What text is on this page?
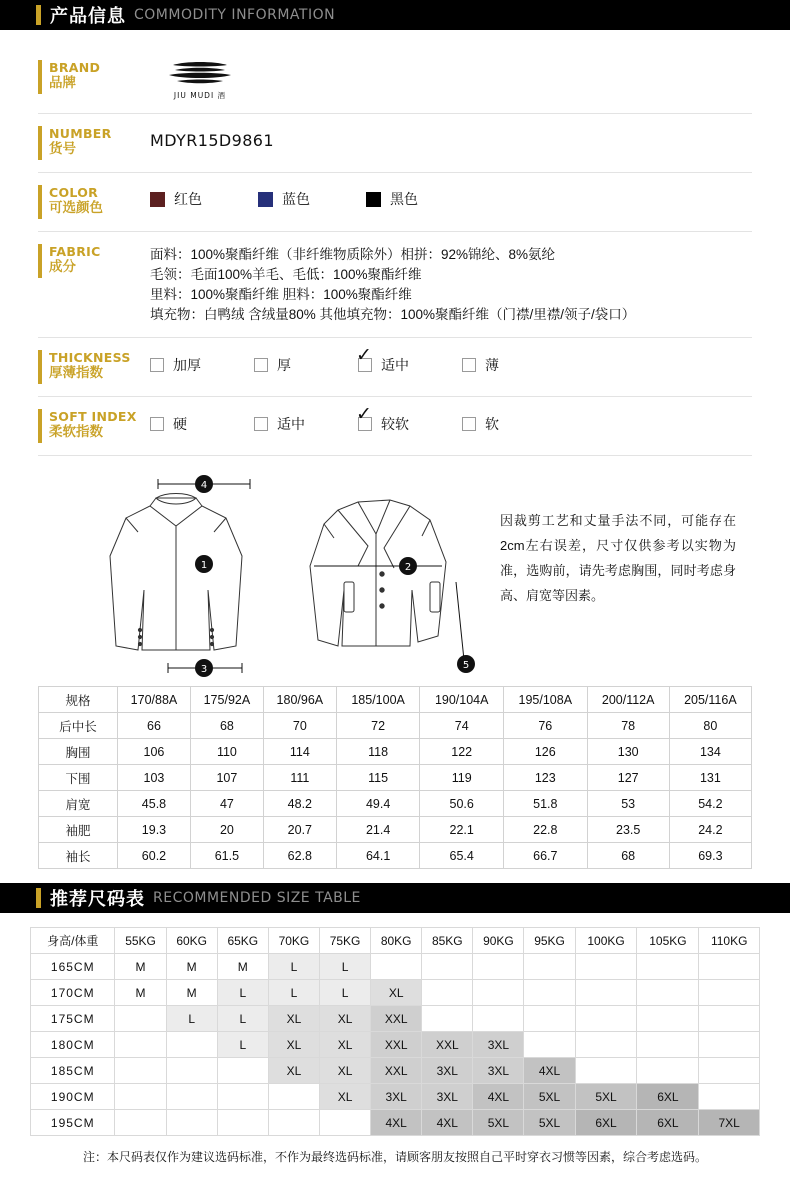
产品信息 COMMODITY INFORMATION
BRAND
品牌
JIU MUDI 酒
NUMBER
货号	MDYR15D9861
COLOR
可选颜色
红色	蓝色	黑色
FABRIC
成分
面料：100%聚酯纤维（非纤维物质除外）相拼：92%锦纶、8%氨纶
毛领：毛面100%羊毛、毛低：100%聚酯纤维
里料：100%聚酯纤维 胆料：100%聚酯纤维
填充物：白鸭绒 含绒量80% 其他填充物：100%聚酯纤维（门襟/里襟/领子/袋口）
THICKNESS
厚薄指数	加厚	厚	✓ 适中	薄
SOFT INDEX
柔软指数	硬	适中	✓ 较软	软
4
1
3
2
5
因裁剪工艺和丈量手法不同，可能存在2cm左右误差，尺寸仅供参考以实物为准，选购前，请先考虑胸围，同时考虑身高、肩宽等因素。
规格	170/88A	175/92A	180/96A	185/100A	190/104A	195/108A	200/112A	205/116A
后中长	66	68	70	72	74	76	78	80
胸围	106	110	114	118	122	126	130	134
下围	103	107	111	115	119	123	127	131
肩宽	45.8	47	48.2	49.4	50.6	51.8	53	54.2
袖肥	19.3	20	20.7	21.4	22.1	22.8	23.5	24.2
袖长	60.2	61.5	62.8	64.1	65.4	66.7	68	69.3
推荐尺码表 RECOMMENDED SIZE TABLE
身高/体重	55KG	60KG	65KG	70KG	75KG	80KG	85KG	90KG	95KG	100KG	105KG	110KG
165CM	M	M	M	L	L							
170CM	M	M	L	L	L	XL						
175CM		L	L	XL	XL	XXL						
180CM			L	XL	XL	XXL	XXL	3XL				
185CM				XL	XL	XXL	3XL	3XL	4XL			
190CM					XL	3XL	3XL	4XL	5XL	5XL	6XL	
195CM						4XL	4XL	5XL	5XL	6XL	6XL	7XL
注：本尺码表仅作为建议选码标准，不作为最终选码标准，请顾客朋友按照自己平时穿衣习惯等因素，综合考虑选码。
